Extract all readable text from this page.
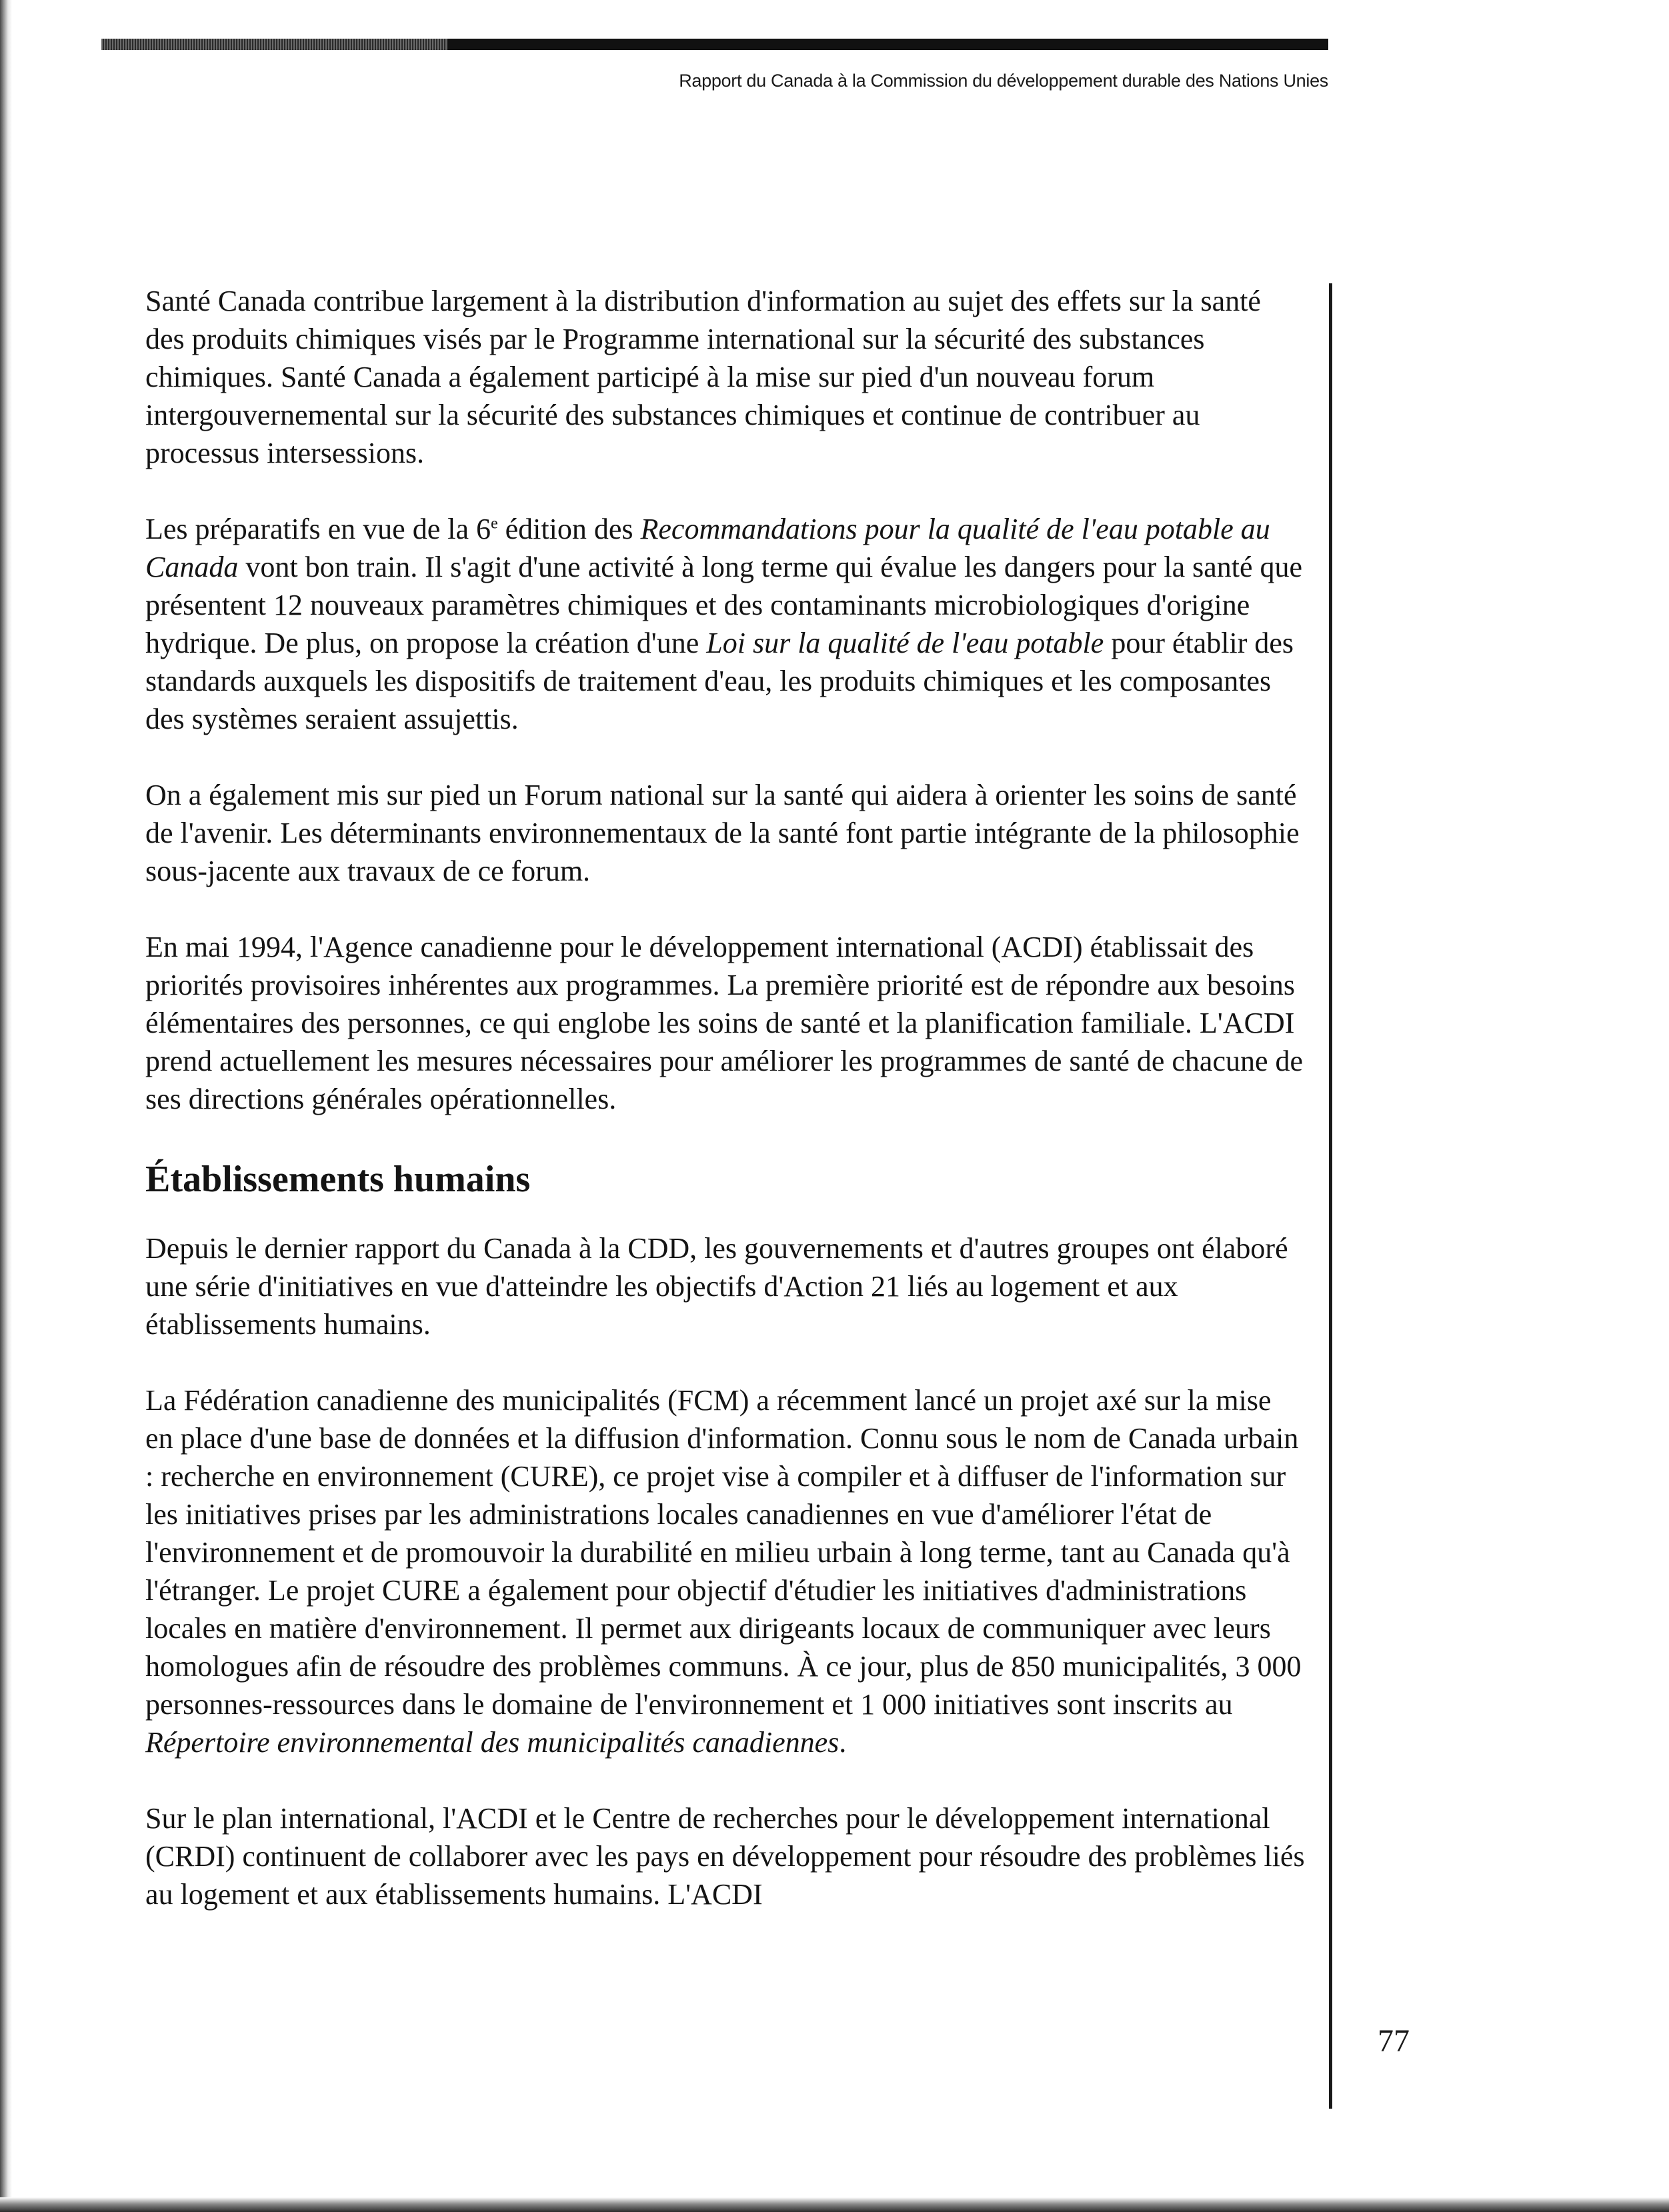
Rapport du Canada à la Commission du développement durable des Nations Unies

Santé Canada contribue largement à la distribution d'information au sujet des effets sur la santé des produits chimiques visés par le Programme international sur la sécurité des substances chimiques. Santé Canada a également participé à la mise sur pied d'un nouveau forum intergouvernemental sur la sécurité des substances chimiques et continue de contribuer au processus intersessions.

Les préparatifs en vue de la 6e édition des Recommandations pour la qualité de l'eau potable au Canada vont bon train. Il s'agit d'une activité à long terme qui évalue les dangers pour la santé que présentent 12 nouveaux paramètres chimiques et des contaminants microbiologiques d'origine hydrique. De plus, on propose la création d'une Loi sur la qualité de l'eau potable pour établir des standards auxquels les dispositifs de traitement d'eau, les produits chimiques et les composantes des systèmes seraient assujettis.

On a également mis sur pied un Forum national sur la santé qui aidera à orienter les soins de santé de l'avenir. Les déterminants environnementaux de la santé font partie intégrante de la philosophie sous-jacente aux travaux de ce forum.

En mai 1994, l'Agence canadienne pour le développement international (ACDI) établissait des priorités provisoires inhérentes aux programmes. La première priorité est de répondre aux besoins élémentaires des personnes, ce qui englobe les soins de santé et la planification familiale. L'ACDI prend actuellement les mesures nécessaires pour améliorer les programmes de santé de chacune de ses directions générales opérationnelles.

Établissements humains

Depuis le dernier rapport du Canada à la CDD, les gouvernements et d'autres groupes ont élaboré une série d'initiatives en vue d'atteindre les objectifs d'Action 21 liés au logement et aux établissements humains.

La Fédération canadienne des municipalités (FCM) a récemment lancé un projet axé sur la mise en place d'une base de données et la diffusion d'information. Connu sous le nom de Canada urbain : recherche en environnement (CURE), ce projet vise à compiler et à diffuser de l'information sur les initiatives prises par les administrations locales canadiennes en vue d'améliorer l'état de l'environnement et de promouvoir la durabilité en milieu urbain à long terme, tant au Canada qu'à l'étranger. Le projet CURE a également pour objectif d'étudier les initiatives d'administrations locales en matière d'environnement. Il permet aux dirigeants locaux de communiquer avec leurs homologues afin de résoudre des problèmes communs. À ce jour, plus de 850 municipalités, 3 000 personnes-ressources dans le domaine de l'environnement et 1 000 initiatives sont inscrits au Répertoire environnemental des municipalités canadiennes.

Sur le plan international, l'ACDI et le Centre de recherches pour le développement international (CRDI) continuent de collaborer avec les pays en développement pour résoudre des problèmes liés au logement et aux établissements humains. L'ACDI

77
